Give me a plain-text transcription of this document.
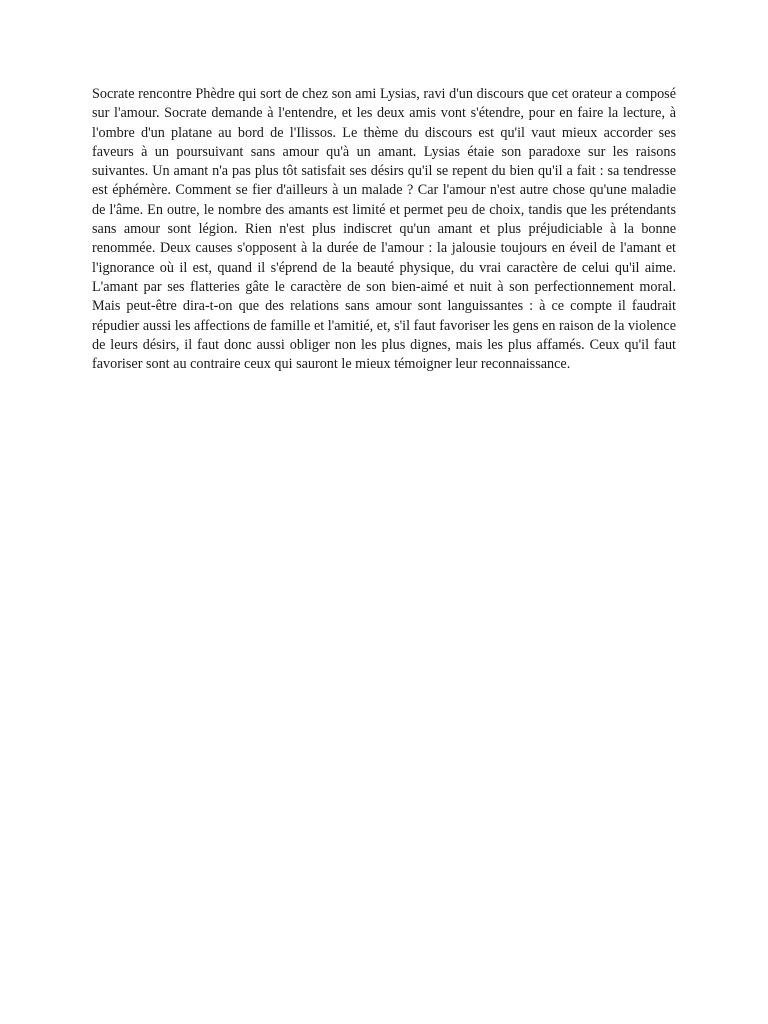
Socrate rencontre Phèdre qui sort de chez son ami Lysias, ravi d'un discours que cet orateur a composé sur l'amour. Socrate demande à l'entendre, et les deux amis vont s'étendre, pour en faire la lecture, à l'ombre d'un platane au bord de l'Ilissos. Le thème du discours est qu'il vaut mieux accorder ses faveurs à un poursuivant sans amour qu'à un amant. Lysias étaie son paradoxe sur les raisons suivantes. Un amant n'a pas plus tôt satisfait ses désirs qu'il se repent du bien qu'il a fait : sa tendresse est éphémère. Comment se fier d'ailleurs à un malade ? Car l'amour n'est autre chose qu'une maladie de l'âme. En outre, le nombre des amants est limité et permet peu de choix, tandis que les prétendants sans amour sont légion. Rien n'est plus indiscret qu'un amant et plus préjudiciable à la bonne renommée. Deux causes s'opposent à la durée de l'amour : la jalousie toujours en éveil de l'amant et l'ignorance où il est, quand il s'éprend de la beauté physique, du vrai caractère de celui qu'il aime. L'amant par ses flatteries gâte le caractère de son bien-aimé et nuit à son perfectionnement moral. Mais peut-être dira-t-on que des relations sans amour sont languissantes : à ce compte il faudrait répudier aussi les affections de famille et l'amitié, et, s'il faut favoriser les gens en raison de la violence de leurs désirs, il faut donc aussi obliger non les plus dignes, mais les plus affamés. Ceux qu'il faut favoriser sont au contraire ceux qui sauront le mieux témoigner leur reconnaissance.
